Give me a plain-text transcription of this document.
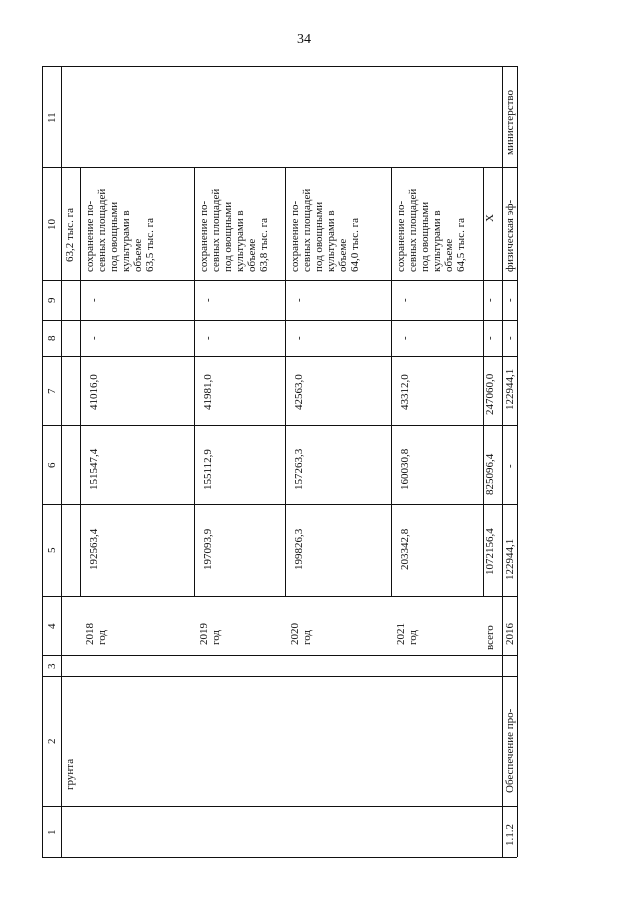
34
1
2
3
4
5
6
7
8
9
10
11
грунта
63,2 тыс. га
2018 год
192563,4
151547,4
41016,0
-
-
сохранение по- севных площадей под овощными культурами в объеме 63,5 тыс. га
2019 год
197093,9
155112,9
41981,0
-
-
сохранение по- севных площадей под овощными культурами в объеме 63,8 тыс. га
2020 год
199826,3
157263,3
42563,0
-
-
сохранение по- севных площадей под овощными культурами в объеме 64,0 тыс. га
2021 год
203342,8
160030,8
43312,0
-
-
сохранение по- севных площадей под овощными культурами в объеме 64,5 тыс. га
всего
1072156,4
825096,4
247060,0
-
-
X
1.1.2
Обеспечение про-
2016
122944,1
-
122944,1
-
-
физическая эф-
министерство
